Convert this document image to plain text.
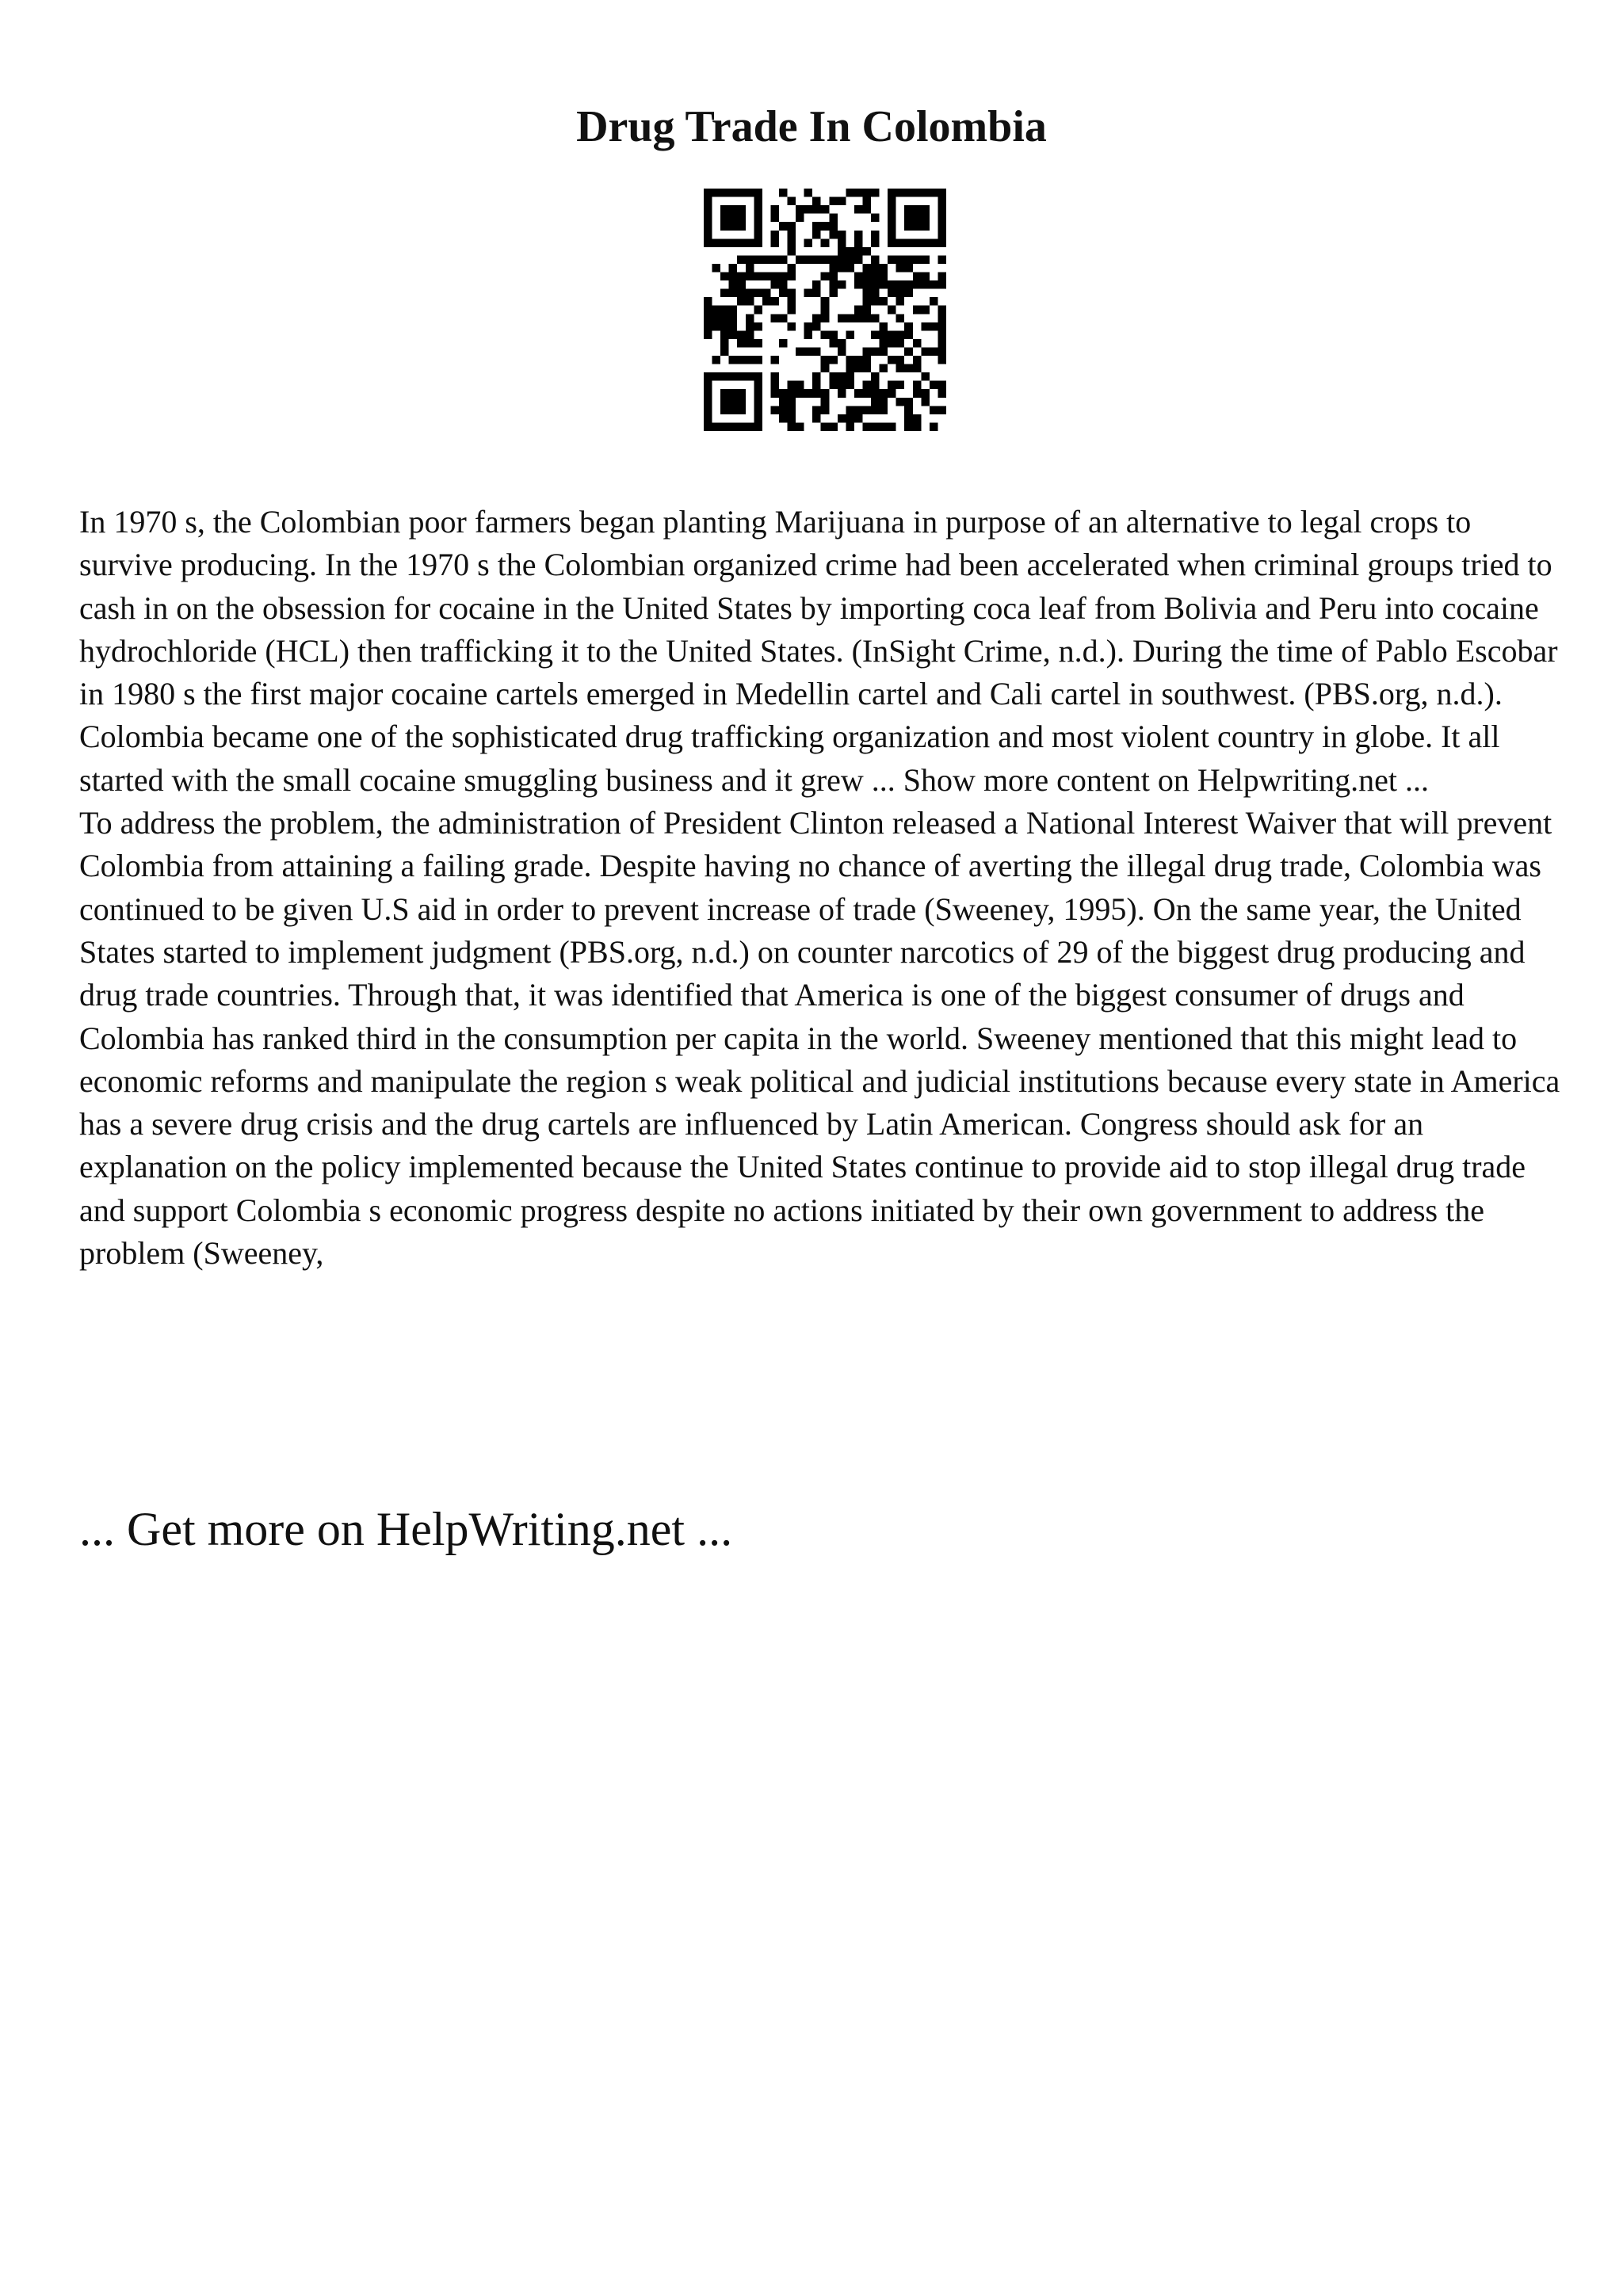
Drug Trade In Colombia

In 1970 s, the Colombian poor farmers began planting Marijuana in purpose of an alternative to legal crops to survive producing. In the 1970 s the Colombian organized crime had been accelerated when criminal groups tried to cash in on the obsession for cocaine in the United States by importing coca leaf from Bolivia and Peru into cocaine hydrochloride (HCL) then trafficking it to the United States. (InSight Crime, n.d.). During the time of Pablo Escobar in 1980 s the first major cocaine cartels emerged in Medellin cartel and Cali cartel in southwest. (PBS.org, n.d.). Colombia became one of the sophisticated drug trafficking organization and most violent country in globe. It all started with the small cocaine smuggling business and it grew ... Show more content on Helpwriting.net ...

To address the problem, the administration of President Clinton released a National Interest Waiver that will prevent Colombia from attaining a failing grade. Despite having no chance of averting the illegal drug trade, Colombia was continued to be given U.S aid in order to prevent increase of trade (Sweeney, 1995). On the same year, the United States started to implement judgment (PBS.org, n.d.) on counter narcotics of 29 of the biggest drug producing and drug trade countries. Through that, it was identified that America is one of the biggest consumer of drugs and Colombia has ranked third in the consumption per capita in the world. Sweeney mentioned that this might lead to economic reforms and manipulate the region s weak political and judicial institutions because every state in America has a severe drug crisis and the drug cartels are influenced by Latin American. Congress should ask for an explanation on the policy implemented because the United States continue to provide aid to stop illegal drug trade and support Colombia s economic progress despite no actions initiated by their own government to address the problem (Sweeney,

... Get more on HelpWriting.net ...
